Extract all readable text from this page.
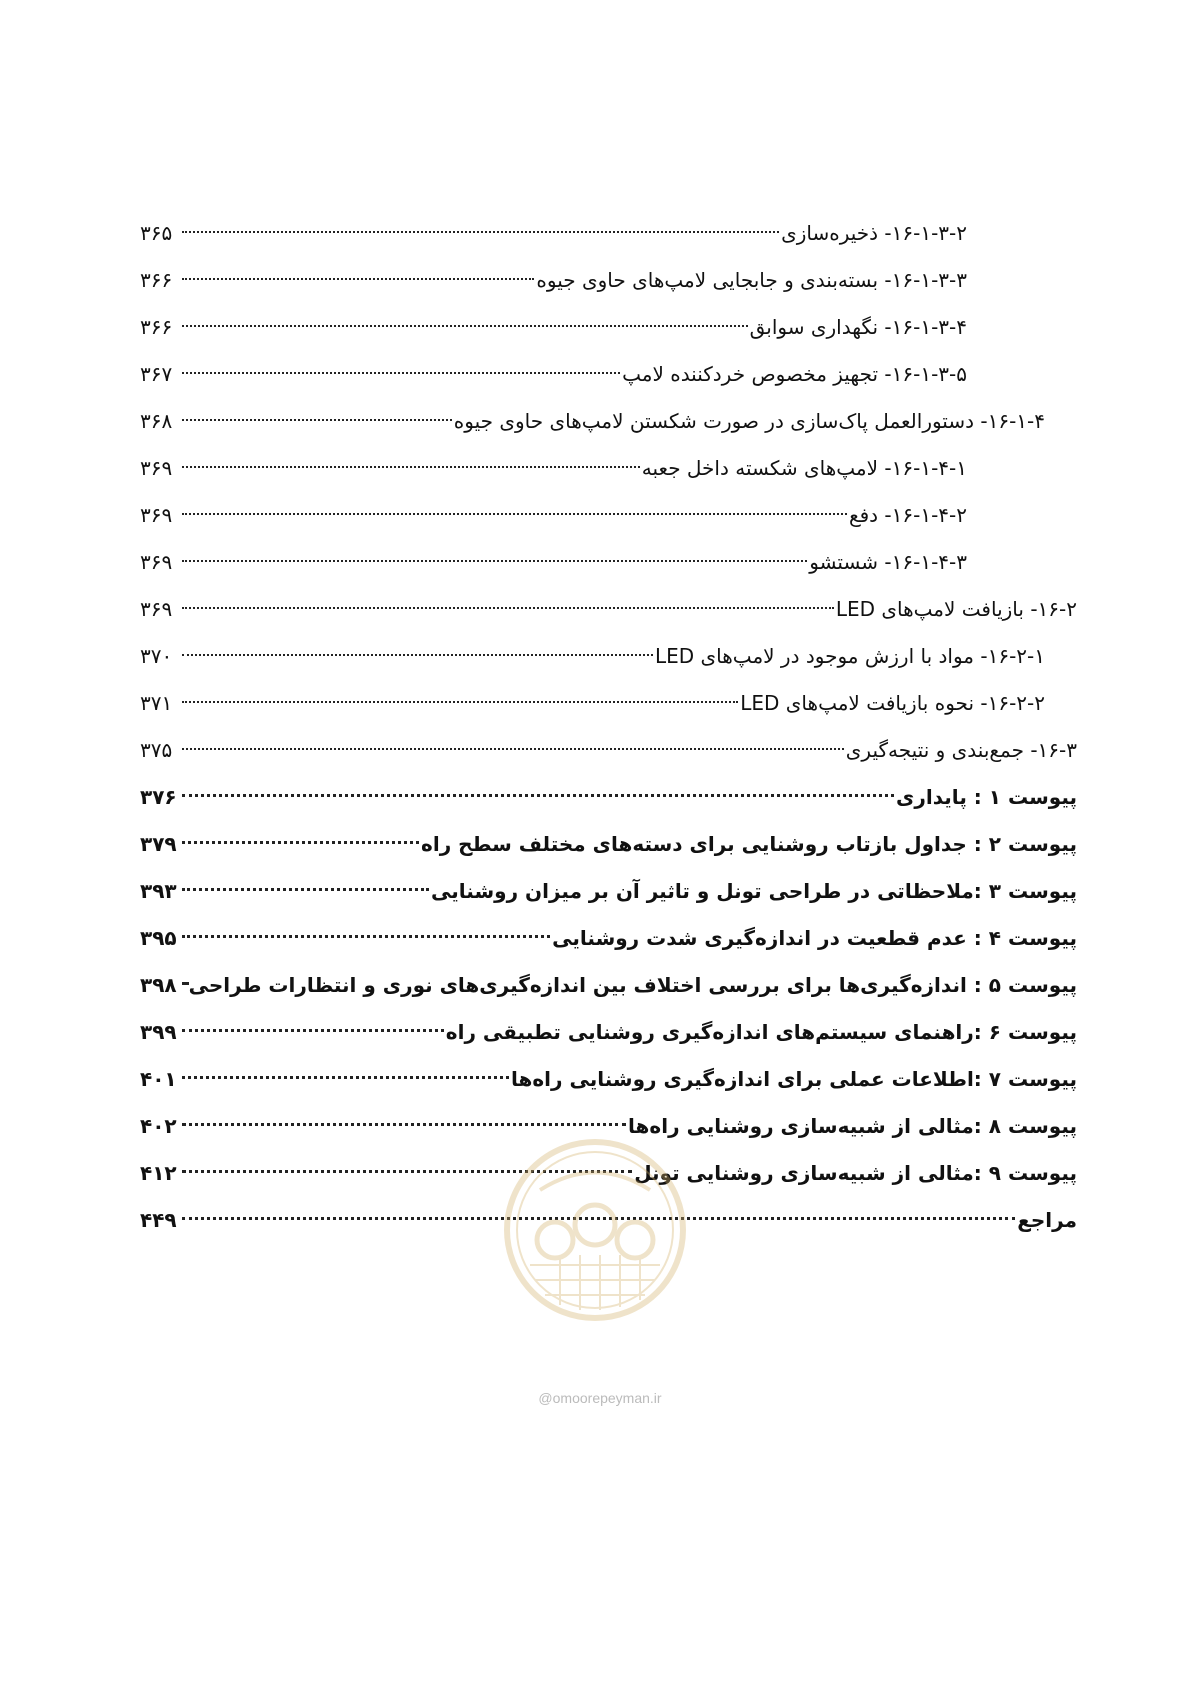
۱۶-۱-۳-۲- ذخیره‌سازی
۳۶۵
۱۶-۱-۳-۳- بسته‌بندی و جابجایی لامپ‌های حاوی جیوه
۳۶۶
۱۶-۱-۳-۴- نگهداری سوابق
۳۶۶
۱۶-۱-۳-۵- تجهیز مخصوص خردکننده لامپ
۳۶۷
۱۶-۱-۴- دستورالعمل پاک‌سازی در صورت شکستن لامپ‌های حاوی جیوه
۳۶۸
۱۶-۱-۴-۱- لامپ‌های شکسته داخل جعبه
۳۶۹
۱۶-۱-۴-۲- دفع
۳۶۹
۱۶-۱-۴-۳- شستشو
۳۶۹
۱۶-۲- بازیافت لامپ‌های LED
۳۶۹
۱۶-۲-۱- مواد با ارزش موجود در لامپ‌های LED
۳۷۰
۱۶-۲-۲- نحوه بازیافت لامپ‌های LED
۳۷۱
۱۶-۳- جمع‌بندی و نتیجه‌گیری
۳۷۵
پیوست ۱ : پایداری
۳۷۶
پیوست ۲ : جداول بازتاب روشنایی برای دسته‌های مختلف سطح راه
۳۷۹
پیوست ۳ :ملاحظاتی در طراحی تونل و تاثیر آن بر میزان روشنایی
۳۹۳
پیوست ۴ : عدم قطعیت در اندازه‌گیری شدت روشنایی
۳۹۵
پیوست ۵ : اندازه‌گیری‌ها برای بررسی اختلاف بین اندازه‌گیری‌های نوری و انتظارات طراحی
۳۹۸
پیوست ۶ :راهنمای سیستم‌های اندازه‌گیری روشنایی تطبیقی راه
۳۹۹
پیوست ۷ :اطلاعات عملی برای اندازه‌گیری روشنایی راه‌ها
۴۰۱
پیوست ۸ :مثالی از شبیه‌سازی روشنایی راه‌ها
۴۰۲
پیوست ۹ :مثالی از شبیه‌سازی روشنایی تونل
۴۱۲
مراجع
۴۴۹
@omoorepeyman.ir
